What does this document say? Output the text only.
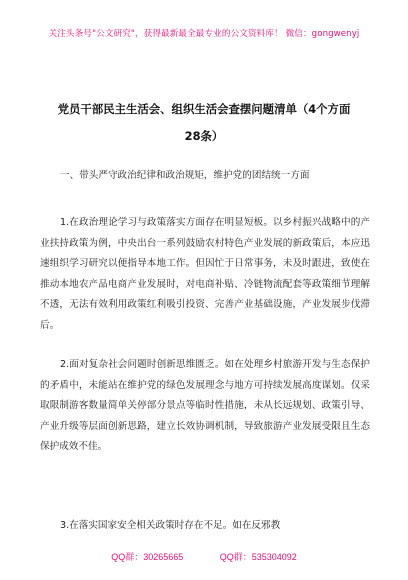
关注头条号"公文研究"，获得最新最全最专业的公文资料库！ 微信：gongwenyj
党员干部民主生活会、组织生活会查摆问题清单（4个方面
28条）

一、带头严守政治纪律和政治规矩，维护党的团结统一方面

1.在政治理论学习与政策落实方面存在明显短板。以乡村振兴战略中的产业扶持政策为例，中央出台一系列鼓励农村特色产业发展的新政策后，本应迅速组织学习研究以便指导本地工作。但因忙于日常事务，未及时跟进，致使在推动本地农产品电商产业发展时，对电商补贴、冷链物流配套等政策细节理解不透，无法有效利用政策红利吸引投资、完善产业基础设施，产业发展步伐滞后。

2.面对复杂社会问题时创新思维匮乏。如在处理乡村旅游开发与生态保护的矛盾中，未能站在维护党的绿色发展理念与地方可持续发展高度谋划。仅采取限制游客数量简单关停部分景点等临时性措施，未从长远规划、政策引导、产业升级等层面创新思路，建立长效协调机制，导致旅游产业发展受限且生态保护成效不佳。

3.在落实国家安全相关政策时存在不足。如在反邪教

QQ群：30265665	QQ群：535304092
